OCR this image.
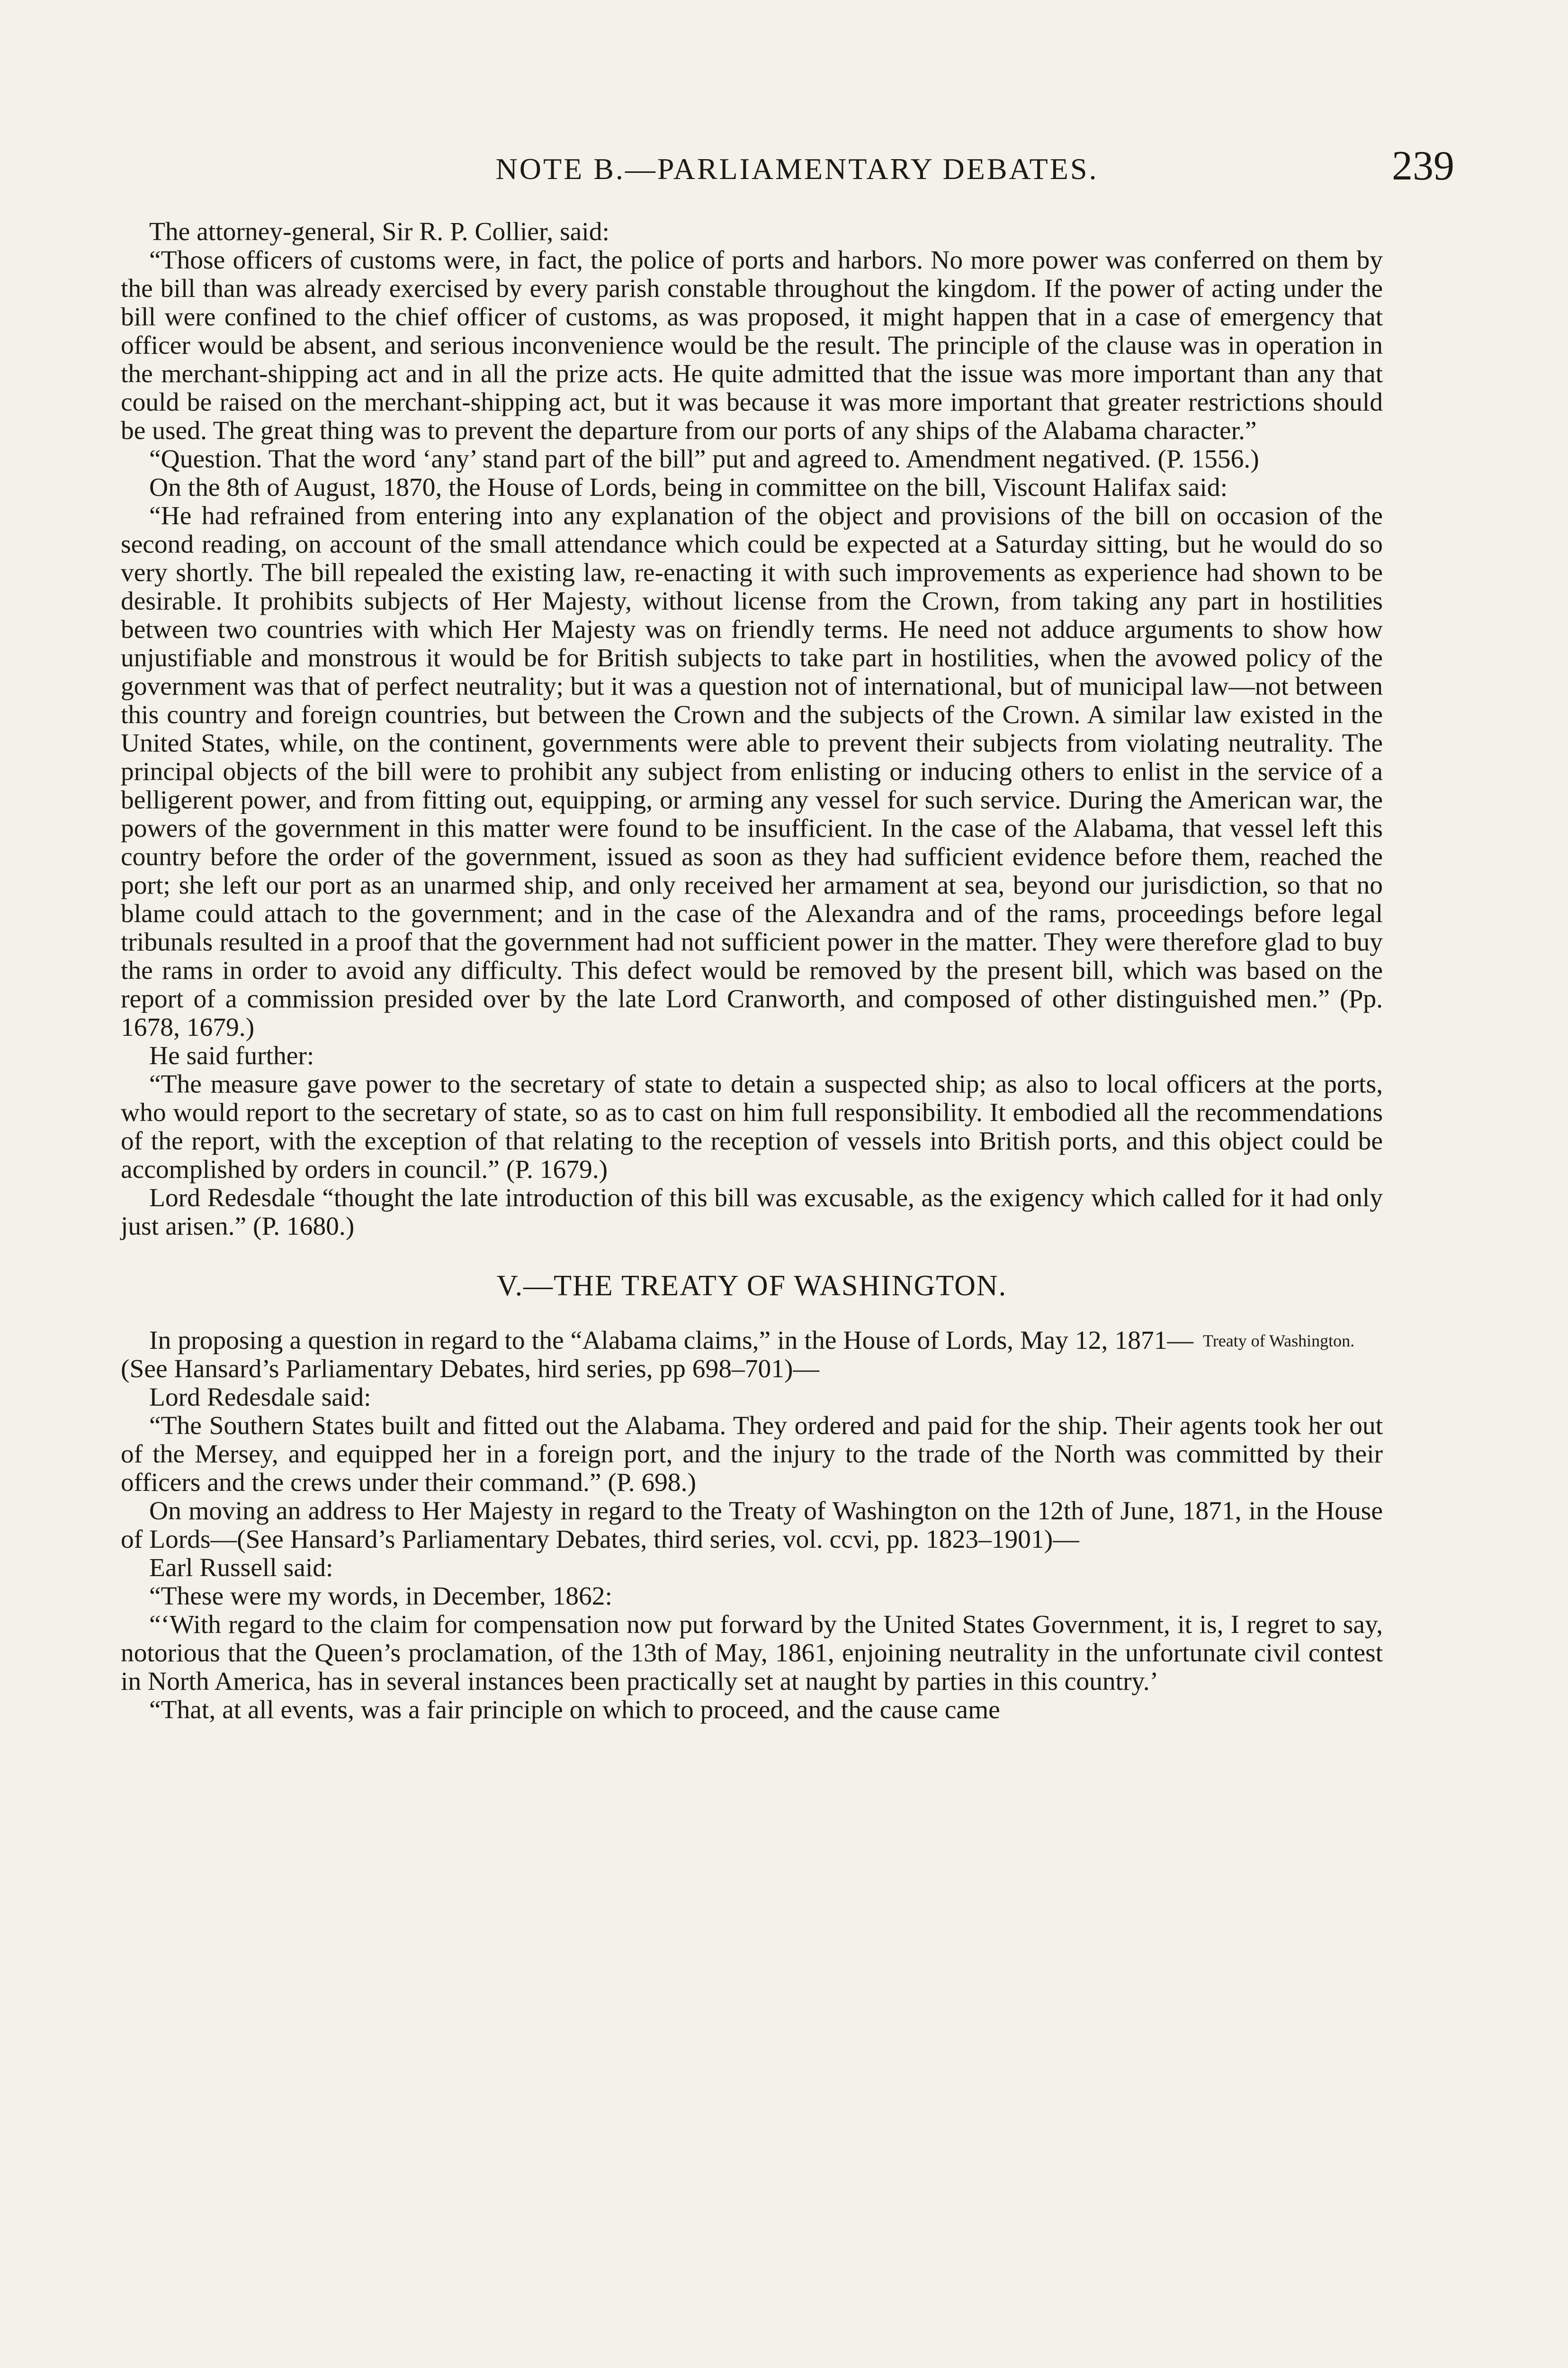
NOTE B.—PARLIAMENTARY DEBATES.	239

The attorney-general, Sir R. P. Collier, said:

“Those officers of customs were, in fact, the police of ports and harbors. No more power was conferred on them by the bill than was already exercised by every parish constable throughout the kingdom. If the power of acting under the bill were confined to the chief officer of customs, as was proposed, it might happen that in a case of emergency that officer would be absent, and serious inconvenience would be the result. The principle of the clause was in operation in the merchant-shipping act and in all the prize acts. He quite admitted that the issue was more important than any that could be raised on the merchant-shipping act, but it was because it was more important that greater restrictions should be used. The great thing was to prevent the departure from our ports of any ships of the Alabama character.”

“Question. That the word ‘any’ stand part of the bill” put and agreed to. Amendment negatived. (P. 1556.)

On the 8th of August, 1870, the House of Lords, being in committee on the bill, Viscount Halifax said:

“He had refrained from entering into any explanation of the object and provisions of the bill on occasion of the second reading, on account of the small attendance which could be expected at a Saturday sitting, but he would do so very shortly. The bill repealed the existing law, re-enacting it with such improvements as experience had shown to be desirable. It prohibits subjects of Her Majesty, without license from the Crown, from taking any part in hostilities between two countries with which Her Majesty was on friendly terms. He need not adduce arguments to show how unjustifiable and monstrous it would be for British subjects to take part in hostilities, when the avowed policy of the government was that of perfect neutrality; but it was a question not of international, but of municipal law—not between this country and foreign countries, but between the Crown and the subjects of the Crown. A similar law existed in the United States, while, on the continent, governments were able to prevent their subjects from violating neutrality. The principal objects of the bill were to prohibit any subject from enlisting or inducing others to enlist in the service of a belligerent power, and from fitting out, equipping, or arming any vessel for such service. During the American war, the powers of the government in this matter were found to be insufficient. In the case of the Alabama, that vessel left this country before the order of the government, issued as soon as they had sufficient evidence before them, reached the port; she left our port as an unarmed ship, and only received her armament at sea, beyond our jurisdiction, so that no blame could attach to the government; and in the case of the Alexandra and of the rams, proceedings before legal tribunals resulted in a proof that the government had not sufficient power in the matter. They were therefore glad to buy the rams in order to avoid any difficulty. This defect would be removed by the present bill, which was based on the report of a commission presided over by the late Lord Cranworth, and composed of other distinguished men.” (Pp. 1678, 1679.)

He said further:

“The measure gave power to the secretary of state to detain a suspected ship; as also to local officers at the ports, who would report to the secretary of state, so as to cast on him full responsibility. It embodied all the recommendations of the report, with the exception of that relating to the reception of vessels into British ports, and this object could be accomplished by orders in council.” (P. 1679.)

Lord Redesdale “thought the late introduction of this bill was excusable, as the exigency which called for it had only just arisen.” (P. 1680.)

V.—THE TREATY OF WASHINGTON.
Treaty of Washington.

In proposing a question in regard to the “Alabama claims,” in the House of Lords, May 12, 1871—(See Hansard’s Parliamentary Debates, hird series, pp 698–701)—

Lord Redesdale said:

“The Southern States built and fitted out the Alabama. They ordered and paid for the ship. Their agents took her out of the Mersey, and equipped her in a foreign port, and the injury to the trade of the North was committed by their officers and the crews under their command.” (P. 698.)

On moving an address to Her Majesty in regard to the Treaty of Washington on the 12th of June, 1871, in the House of Lords—(See Hansard’s Parliamentary Debates, third series, vol. ccvi, pp. 1823–1901)—

Earl Russell said:

“These were my words, in December, 1862:

“‘With regard to the claim for compensation now put forward by the United States Government, it is, I regret to say, notorious that the Queen’s proclamation, of the 13th of May, 1861, enjoining neutrality in the unfortunate civil contest in North America, has in several instances been practically set at naught by parties in this country.’

“That, at all events, was a fair principle on which to proceed, and the cause came
